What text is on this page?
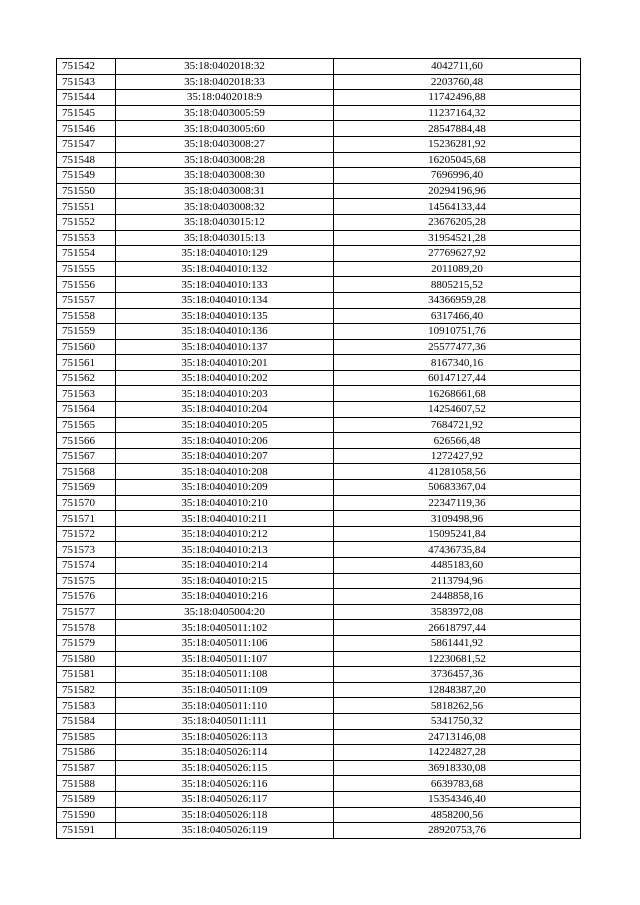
751542	35:18:0402018:32	4042711,60
751543	35:18:0402018:33	2203760,48
751544	35:18:0402018:9	11742496,88
751545	35:18:0403005:59	11237164,32
751546	35:18:0403005:60	28547884,48
751547	35:18:0403008:27	15236281,92
751548	35:18:0403008:28	16205045,68
751549	35:18:0403008:30	7696996,40
751550	35:18:0403008:31	20294196,96
751551	35:18:0403008:32	14564133,44
751552	35:18:0403015:12	23676205,28
751553	35:18:0403015:13	31954521,28
751554	35:18:0404010:129	27769627,92
751555	35:18:0404010:132	2011089,20
751556	35:18:0404010:133	8805215,52
751557	35:18:0404010:134	34366959,28
751558	35:18:0404010:135	6317466,40
751559	35:18:0404010:136	10910751,76
751560	35:18:0404010:137	25577477,36
751561	35:18:0404010:201	8167340,16
751562	35:18:0404010:202	60147127,44
751563	35:18:0404010:203	16268661,68
751564	35:18:0404010:204	14254607,52
751565	35:18:0404010:205	7684721,92
751566	35:18:0404010:206	626566,48
751567	35:18:0404010:207	1272427,92
751568	35:18:0404010:208	41281058,56
751569	35:18:0404010:209	50683367,04
751570	35:18:0404010:210	22347119,36
751571	35:18:0404010:211	3109498,96
751572	35:18:0404010:212	15095241,84
751573	35:18:0404010:213	47436735,84
751574	35:18:0404010:214	4485183,60
751575	35:18:0404010:215	2113794,96
751576	35:18:0404010:216	2448858,16
751577	35:18:0405004:20	3583972,08
751578	35:18:0405011:102	26618797,44
751579	35:18:0405011:106	5861441,92
751580	35:18:0405011:107	12230681,52
751581	35:18:0405011:108	3736457,36
751582	35:18:0405011:109	12848387,20
751583	35:18:0405011:110	5818262,56
751584	35:18:0405011:111	5341750,32
751585	35:18:0405026:113	24713146,08
751586	35:18:0405026:114	14224827,28
751587	35:18:0405026:115	36918330,08
751588	35:18:0405026:116	6639783,68
751589	35:18:0405026:117	15354346,40
751590	35:18:0405026:118	4858200,56
751591	35:18:0405026:119	28920753,76
